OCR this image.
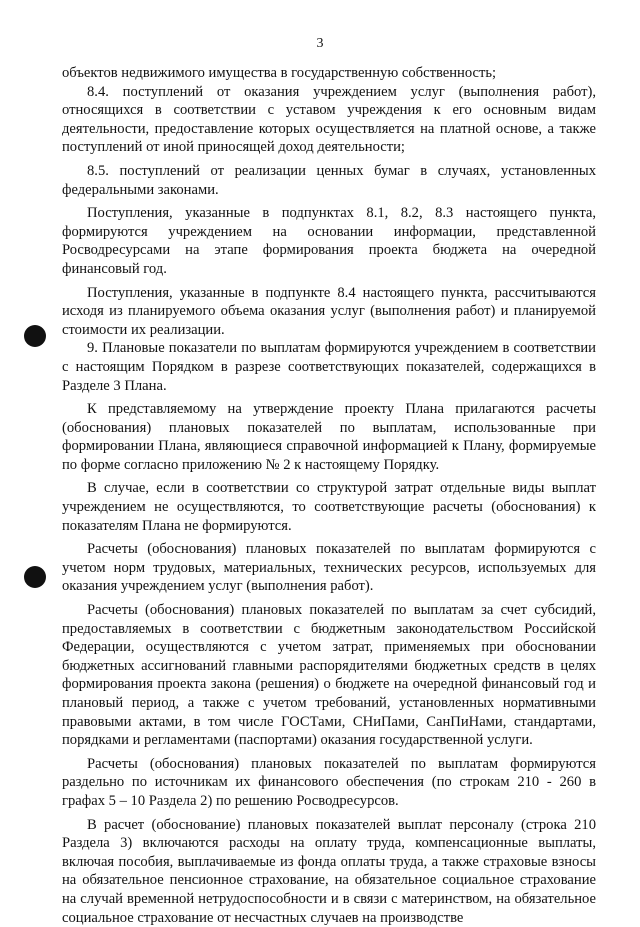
3

объектов недвижимого имущества в государственную собственность;

8.4. поступлений от оказания учреждением услуг (выполнения работ), относящихся в соответствии с уставом учреждения к его основным видам деятельности, предоставление которых осуществляется на платной основе, а также поступлений от иной приносящей доход деятельности;

8.5. поступлений от реализации ценных бумаг в случаях, установленных федеральными законами.

Поступления, указанные в подпунктах 8.1, 8.2, 8.3 настоящего пункта, формируются учреждением на основании информации, представленной Росводресурсами на этапе формирования проекта бюджета на очередной финансовый год.

Поступления, указанные в подпункте 8.4 настоящего пункта, рассчитываются исходя из планируемого объема оказания услуг (выполнения работ) и планируемой стоимости их реализации.

9. Плановые показатели по выплатам формируются учреждением в соответствии с настоящим Порядком в разрезе соответствующих показателей, содержащихся в Разделе 3 Плана.

К представляемому на утверждение проекту Плана прилагаются расчеты (обоснования) плановых показателей по выплатам, использованные при формировании Плана, являющиеся справочной информацией к Плану, формируемые по форме согласно приложению № 2 к настоящему Порядку.

В случае, если в соответствии со структурой затрат отдельные виды выплат учреждением не осуществляются, то соответствующие расчеты (обоснования) к показателям Плана не формируются.

Расчеты (обоснования) плановых показателей по выплатам формируются с учетом норм трудовых, материальных, технических ресурсов, используемых для оказания учреждением услуг (выполнения работ).

Расчеты (обоснования) плановых показателей по выплатам за счет субсидий, предоставляемых в соответствии с бюджетным законодательством Российской Федерации, осуществляются с учетом затрат, применяемых при обосновании бюджетных ассигнований главными распорядителями бюджетных средств в целях формирования проекта закона (решения) о бюджете на очередной финансовый год и плановый период, а также с учетом требований, установленных нормативными правовыми актами, в том числе ГОСТами, СНиПами, СанПиНами, стандартами, порядками и регламентами (паспортами) оказания государственной услуги.

Расчеты (обоснования) плановых показателей по выплатам формируются раздельно по источникам их финансового обеспечения (по строкам 210 - 260 в графах 5 – 10 Раздела 2) по решению Росводресурсов.

В расчет (обоснование) плановых показателей выплат персоналу (строка 210 Раздела 3) включаются расходы на оплату труда, компенсационные выплаты, включая пособия, выплачиваемые из фонда оплаты труда, а также страховые взносы на обязательное пенсионное страхование, на обязательное социальное страхование на случай временной нетрудоспособности и в связи с материнством, на обязательное социальное страхование от несчастных случаев на производстве
